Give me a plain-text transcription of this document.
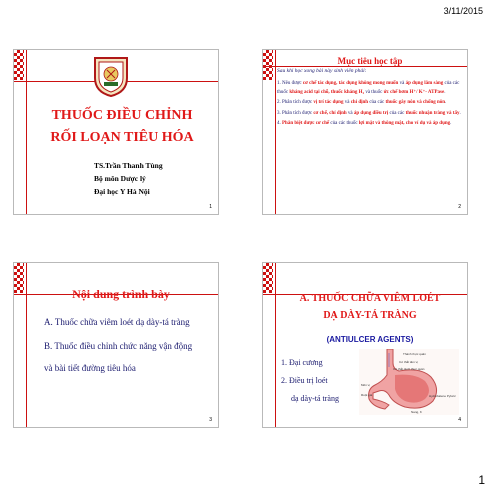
3/11/2015
THUỐC ĐIỀU CHỈNH
RỐI LOẠN TIÊU HÓA
TS.Trần Thanh Tùng
Bộ môn Dược lý
Đại học Y Hà Nội
1
Mục tiêu học tập
Sau khi học xong bài này sinh viên phải:

1. Nêu được cơ chế tác dụng, tác dụng không mong muốn và áp dụng lâm sàng của các thuốc kháng acid tại chỗ, thuốc kháng H₂ và thuốc ức chế bơm H⁺/ K⁺- ATPase.

2. Phân tích được vị trí tác dụng và chỉ định của các thuốc gây nôn và chống nôn.

3. Phân tích được cơ chế, chỉ định và áp dụng điều trị của các thuốc nhuận tràng và tẩy.

4. Phân biệt được cơ chế của các thuốc lợi mật và thông mật, cho ví dụ và áp dụng.

2
Nội dung trình bày
A. Thuốc chữa viêm loét dạ dày-tá tràng
B. Thuốc điều chỉnh chức năng vận động
và bài tiết đường tiêu hóa
3
A. THUỐC CHỮA VIÊM LOÉT
DẠ DÀY-TÁ TRÀNG
(ANTIULCER AGENTS)
1. Đại cương
2. Điều trị loét
dạ dày-tá tràng
Thành thực quản
Cơ thắt tâm vị
Cơ thắt dưới thực quản
Môn vị
Ruột già	Hydrobalene Pyloric
Nang, K
4
1
